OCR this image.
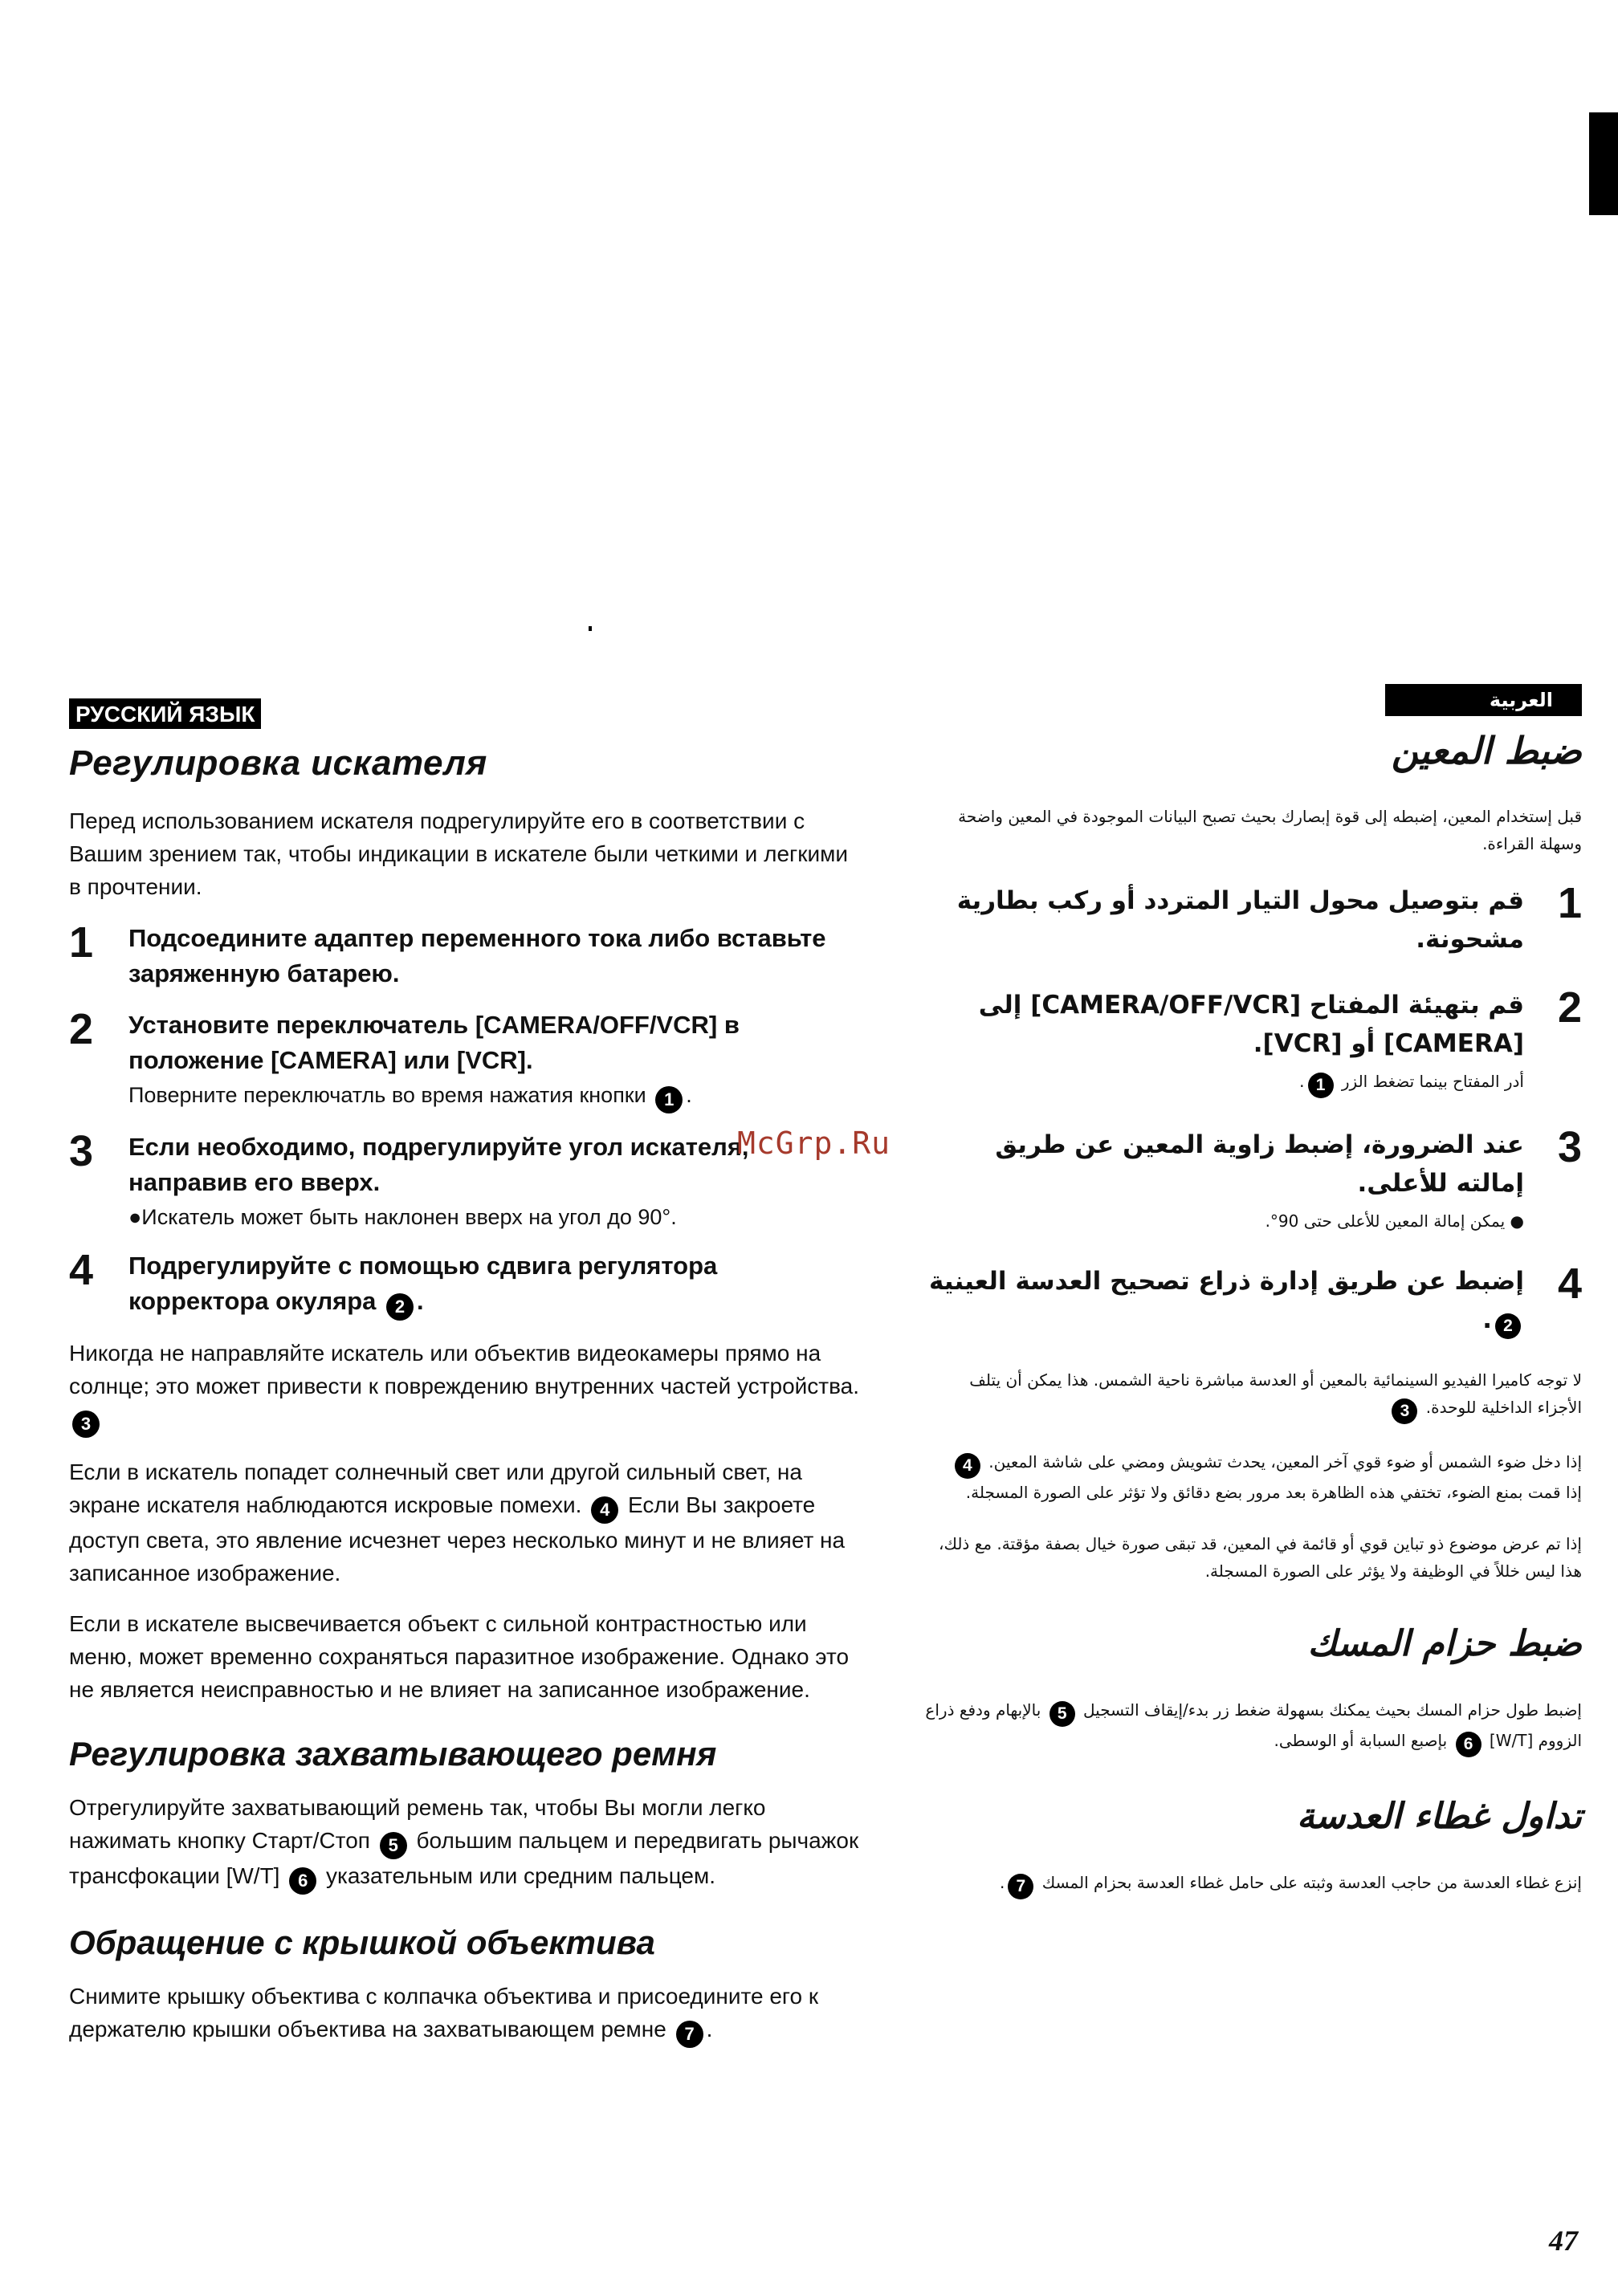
РУССКИЙ ЯЗЫК
Регулировка искателя

Перед использованием искателя подрегулируйте его в соответствии с Вашим зрением так, чтобы индикации в искателе были четкими и легкими в прочтении.

1	Подсоедините адаптер переменного тока либо вставьте заряженную батарею.
2	Установите переключатель [CAMERA/OFF/VCR] в положение [CAMERA] или [VCR].
Поверните переключатль во время нажатия кнопки 1 .
3	Если необходимо, подрегулируйте угол искателя, направив его вверх.
●Искатель может быть наклонен вверх на угол до 90°.
4	Подрегулируйте с помощью сдвига регулятора корректора окуляра 2 .

Никогда не направляйте искатель или объектив видеокамеры прямо на солнце; это может привести к повреждению внутренних частей устройства. 3

Если в искатель попадет солнечный свет или другой сильный свет, на экране искателя наблюдаются искровые помехи. 4 Если Вы закроете доступ света, это явление исчезнет через несколько минут и не влияет на записанное изображение.

Если в искателе высвечивается объект с сильной контрастностью или меню, может временно сохраняться паразитное изображение. Однако это не является неисправностью и не влияет на записанное изображение.

Регулировка захватывающего ремня

Отрегулируйте захватывающий ремень так, чтобы Вы могли легко нажимать кнопку Старт/Стоп 5 большим пальцем и передвигать рычажок трансфокации [W/T] 6 указательным или средним пальцем.

Обращение с крышкой объектива

Снимите крышку объектива с колпачка объектива и присоедините его к держателю крышки объектива на захватывающем ремне 7 .

العربية
ضبط المعين

قبل إستخدام المعين، إضبطه إلى قوة إبصارك بحيث تصبح البيانات الموجودة في المعين واضحة وسهلة القراءة.

1
قم بتوصيل محول التيار المتردد أو ركب بطارية مشحونة.
2
قم بتهيئة المفتاح [CAMERA/OFF/VCR] إلى [CAMERA] أو [VCR].
أدر المفتاح بينما تضغط الزر 1.
3
عند الضرورة، إضبط زاوية المعين عن طريق إمالته للأعلى.
● يمكن إمالة المعين للأعلى حتى 90°.
4
إضبط عن طريق إدارة ذراع تصحيح العدسة العينية 2.

لا توجه كاميرا الفيديو السينمائية بالمعين أو العدسة مباشرة ناحية الشمس. هذا يمكن أن يتلف الأجزاء الداخلية للوحدة. 3

إذا دخل ضوء الشمس أو ضوء قوي آخر المعين، يحدث تشويش ومضي على شاشة المعين. 4
إذا قمت بمنع الضوء، تختفي هذه الظاهرة بعد مرور بضع دقائق ولا تؤثر على الصورة المسجلة.

إذا تم عرض موضوع ذو تباين قوي أو قائمة في المعين، قد تبقى صورة خيال بصفة مؤقتة. مع ذلك، هذا ليس خللاً في الوظيفة ولا يؤثر على الصورة المسجلة.

ضبط حزام المسك

إضبط طول حزام المسك بحيث يمكنك بسهولة ضغط زر بدء/إيقاف التسجيل 5 بالإبهام ودفع ذراع الزووم [W/T] 6 بإصبع السبابة أو الوسطى.

تداول غطاء العدسة

إنزع غطاء العدسة من حاجب العدسة وثبته على حامل غطاء العدسة بحزام المسك 7.

McGrp.Ru
47
